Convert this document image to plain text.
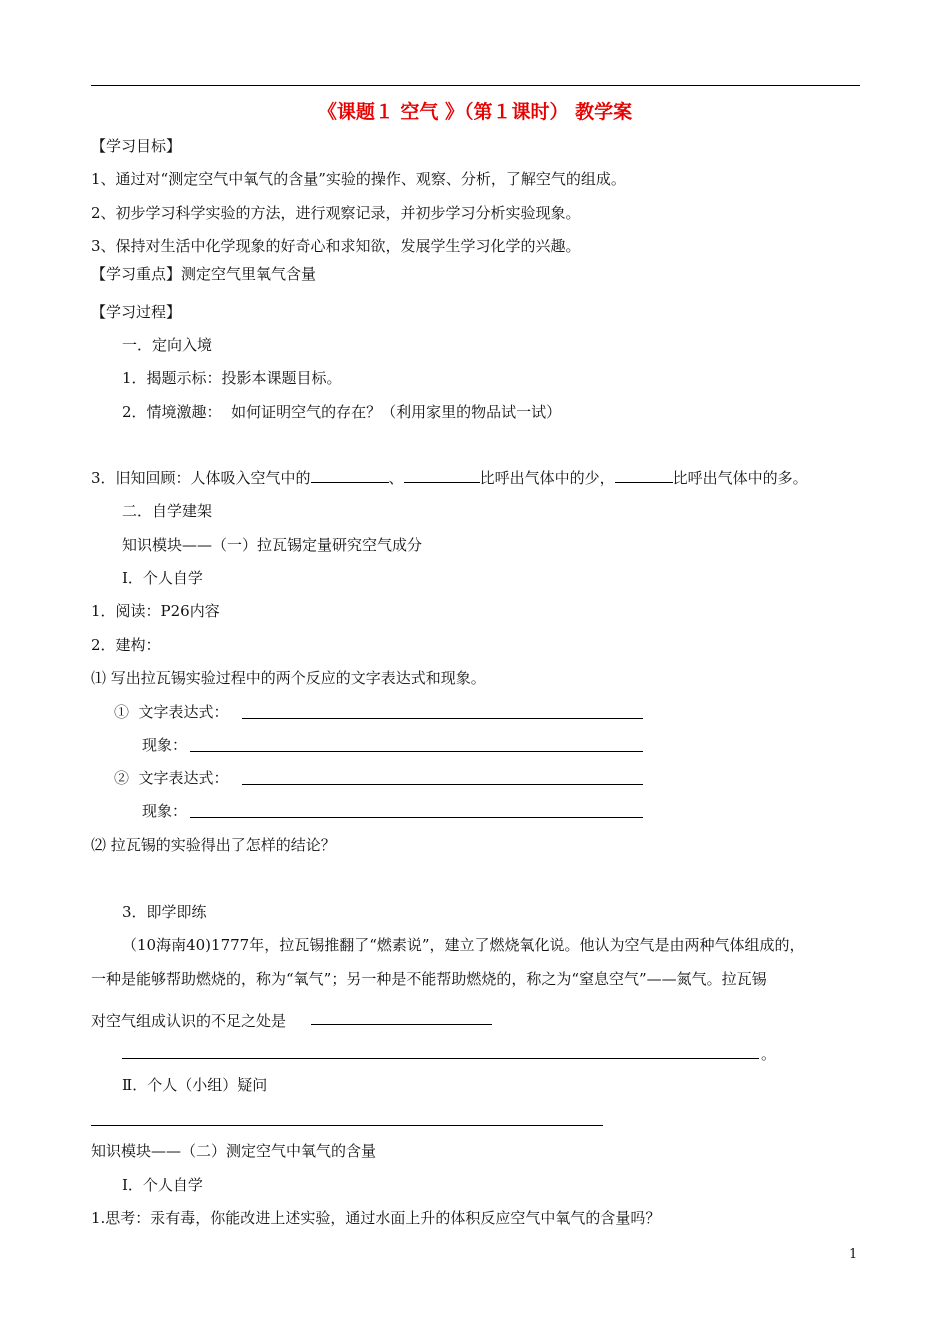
《课题１ 空气 》（第１课时） 教学案
【学习目标】
1、通过对“测定空气中氧气的含量”实验的操作、观察、分析，了解空气的组成。
2、初步学习科学实验的方法，进行观察记录，并初步学习分析实验现象。
3、保持对生活中化学现象的好奇心和求知欲，发展学生学习化学的兴趣。
【学习重点】测定空气里氧气含量
【学习过程】
一．定向入境
1．揭题示标：投影本课题目标。
2．情境激趣：  如何证明空气的存在？（利用家里的物品试一试）
3．旧知回顾：人体吸入空气中的	、	比呼出气体中的少，	比呼出气体中的多。
二．自学建架
知识模块——（一）拉瓦锡定量研究空气成分
Ⅰ．个人自学
1．阅读：P26内容
2．建构：
⑴ 写出拉瓦锡实验过程中的两个反应的文字表达式和现象。
①  文字表达式：
现象：
②  文字表达式：
现象：
⑵ 拉瓦锡的实验得出了怎样的结论？
3．即学即练
（10海南40)1777年，拉瓦锡推翻了“燃素说”，建立了燃烧氧化说。他认为空气是由两种气体组成的，
一种是能够帮助燃烧的，称为“氧气”；另一种是不能帮助燃烧的，称之为“窒息空气”——氮气。拉瓦锡
对空气组成认识的不足之处是
。
Ⅱ．个人（小组）疑问
知识模块——（二）测定空气中氧气的含量
Ⅰ．个人自学
1.思考：汞有毒，你能改进上述实验，通过水面上升的体积反应空气中氧气的含量吗？
1
